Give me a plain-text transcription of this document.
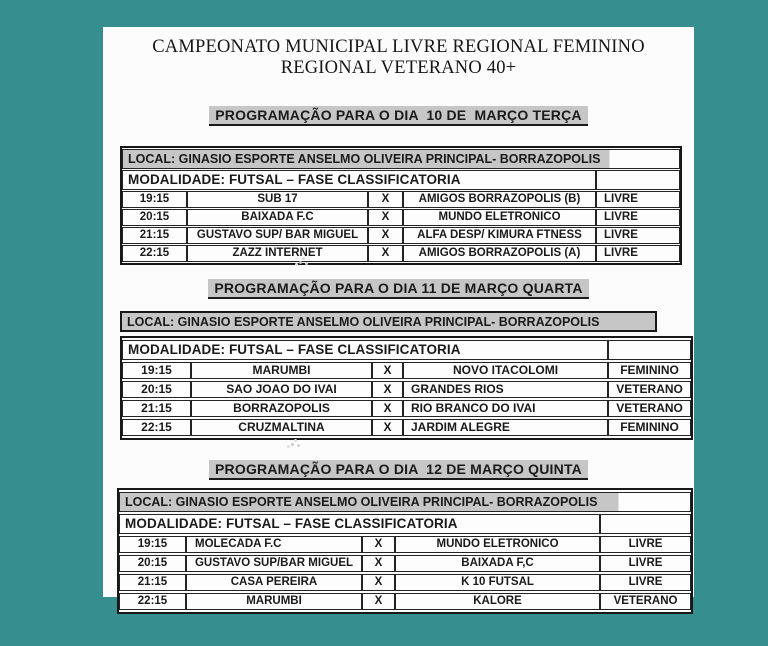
CAMPEONATO MUNICIPAL LIVRE REGIONAL FEMININO
REGIONAL VETERANO 40+
PROGRAMAÇÃO PARA O DIA  10 DE  MARÇO TERÇA
LOCAL: GINASIO ESPORTE ANSELMO OLIVEIRA PRINCIPAL- BORRAZOPOLIS				
MODALIDADE: FUTSAL – FASE CLASSIFICATORIA				
19:15	SUB 17	X	AMIGOS BORRAZOPOLIS (B)	LIVRE
20:15	BAIXADA F.C	X	MUNDO ELETRONICO	LIVRE
21:15	GUSTAVO SUP/ BAR MIGUEL	X	ALFA DESP/ KIMURA FTNESS	LIVRE
22:15	ZAZZ INTERNET	X	AMIGOS BORRAZOPOLIS (A)	LIVRE
PROGRAMAÇÃO PARA O DIA 11 DE MARÇO QUARTA
LOCAL: GINASIO ESPORTE ANSELMO OLIVEIRA PRINCIPAL- BORRAZOPOLIS
MODALIDADE: FUTSAL – FASE CLASSIFICATORIA				
19:15	MARUMBI	X	NOVO ITACOLOMI	FEMININO
20:15	SAO JOAO DO IVAI	X	GRANDES RIOS	VETERANO
21:15	BORRAZOPOLIS	X	RIO BRANCO DO IVAI	VETERANO
22:15	CRUZMALTINA	X	JARDIM ALEGRE	FEMININO
PROGRAMAÇÃO PARA O DIA  12 DE MARÇO QUINTA
LOCAL: GINASIO ESPORTE ANSELMO OLIVEIRA PRINCIPAL- BORRAZOPOLIS				
MODALIDADE: FUTSAL – FASE CLASSIFICATORIA				
19:15	MOLECADA F.C	X	MUNDO ELETRONICO	LIVRE
20:15	GUSTAVO SUP/BAR MIGUEL	X	BAIXADA F,C	LIVRE
21:15	CASA PEREIRA	X	K 10 FUTSAL	LIVRE
22:15	MARUMBI	X	KALORE	VETERANO
